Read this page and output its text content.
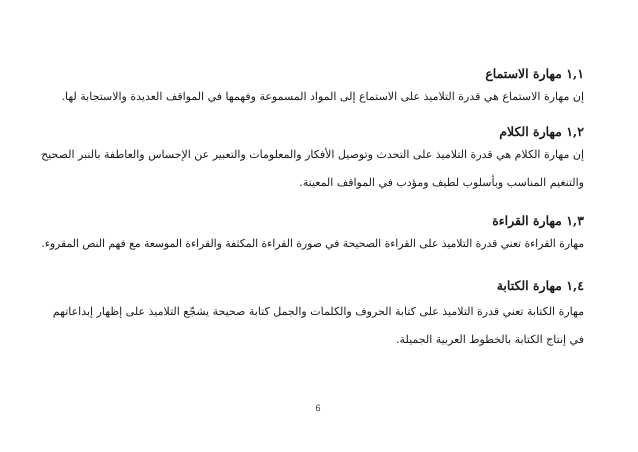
١,١ مهارة الاستماع
إن مهارة الاستماع هي قدرة التلاميذ على الاستماع إلى المواد المسموعة وفهمها في المواقف العديدة والاستجابة لها.
١,٢ مهارة الكلام
إن مهارة الكلام هي قدرة التلاميذ على التحدث وتوصيل الأفكار والمعلومات والتعبير عن الإحساس والعاطفة بالنبر الصحيح
والتنغيم المناسب وبأسلوب لطيف ومؤدب في المواقف المعينة.
١,٣ مهارة القراءة
مهارة القراءة تعني قدرة التلاميذ على القراءة الصحيحة في صورة القراءة المكثفة والقراءة الموسعة مع فهم النص المقروء.
١,٤ مهارة الكتابة
مهارة الكتابة تعني قدرة التلاميذ على كتابة الحروف والكلمات والجمل كتابة صحيحة يشجّع التلاميذ على إظهار إبداعاتهم
في إنتاج الكتابة بالخطوط العربية الجميلة.
6
